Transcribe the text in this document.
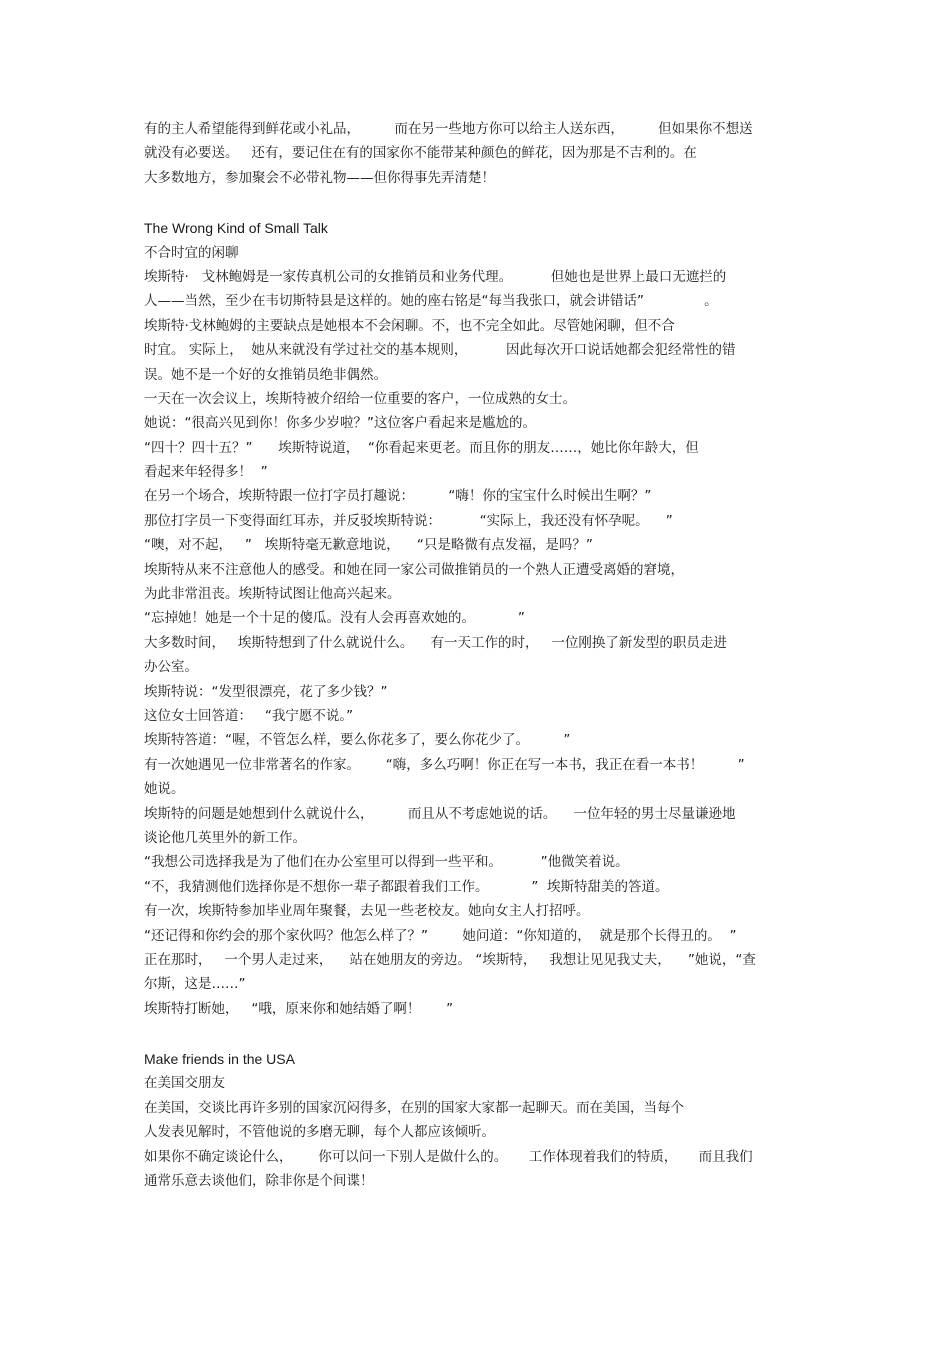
有的主人希望能得到鲜花或小礼品，        而在另一些地方你可以给主人送东西，        但如果你不想送
就没有必要送。   还有，要记住在有的国家你不能带某种颜色的鲜花，因为那是不吉利的。在
大多数地方，参加聚会不必带礼物——但你得事先弄清楚！
The Wrong Kind of Small Talk
不合时宜的闲聊
埃斯特·   戈林鲍姆是一家传真机公司的女推销员和业务代理。         但她也是世界上最口无遮拦的
人——当然，至少在韦切斯特县是这样的。她的座右铭是“每当我张口，就会讲错话”              。
埃斯特·戈林鲍姆的主要缺点是她根本不会闲聊。不，也不完全如此。尽管她闲聊，但不合
时宜。 实际上，  她从来就没有学过社交的基本规则，         因此每次开口说话她都会犯经常性的错
误。她不是一个好的女推销员绝非偶然。
一天在一次会议上，埃斯特被介绍给一位重要的客户，一位成熟的女士。
她说：“很高兴见到你！你多少岁啦？”这位客户看起来是尴尬的。
“四十？四十五？”      埃斯特说道，  “你看起来更老。而且你的朋友……，她比你年龄大，但
看起来年轻得多！  ”
在另一个场合，埃斯特跟一位打字员打趣说：        “嗨！你的宝宝什么时候出生啊？”
那位打字员一下变得面红耳赤，并反驳埃斯特说：         “实际上，我还没有怀孕呢。    ”
“噢，对不起，   ”   埃斯特毫无歉意地说，    “只是略微有点发福，是吗？”
埃斯特从来不注意他人的感受。和她在同一家公司做推销员的一个熟人正遭受离婚的窘境，
为此非常沮丧。埃斯特试图让他高兴起来。
“忘掉她！她是一个十足的傻瓜。没有人会再喜欢她的。          ”
大多数时间，   埃斯特想到了什么就说什么。    有一天工作的时，   一位刚换了新发型的职员走进
办公室。
埃斯特说：“发型很漂亮，花了多少钱？”
这位女士回答道：   “我宁愿不说。”
埃斯特答道：“喔，不管怎么样，要么你花多了，要么你花少了。        ”
有一次她遇见一位非常著名的作家。      “嗨，多么巧啊！你正在写一本书，我正在看一本书！        ”
她说。
埃斯特的问题是她想到什么就说什么，        而且从不考虑她说的话。    一位年轻的男士尽量谦逊地
谈论他几英里外的新工作。
“我想公司选择我是为了他们在办公室里可以得到一些平和。         ”他微笑着说。
“不，我猜测他们选择你是不想你一辈子都跟着我们工作。          ”  埃斯特甜美的答道。
有一次，埃斯特参加毕业周年聚餐，去见一些老校友。她向女主人打招呼。
“还记得和你约会的那个家伙吗？他怎么样了？”        她问道：“你知道的，  就是那个长得丑的。  ”
正在那时，   一个男人走过来，    站在她朋友的旁边。 “埃斯特，   我想让见见我丈夫，    ”她说，“查
尔斯，这是……”
埃斯特打断她，   “哦，原来你和她结婚了啊！      ”
Make friends in the USA
在美国交朋友
在美国，交谈比再许多别的国家沉闷得多，在别的国家大家都一起聊天。而在美国，当每个
人发表见解时，不管他说的多磨无聊，每个人都应该倾听。
如果你不确定谈论什么，      你可以问一下别人是做什么的。     工作体现着我们的特质，     而且我们
通常乐意去谈他们，除非你是个间谍！
